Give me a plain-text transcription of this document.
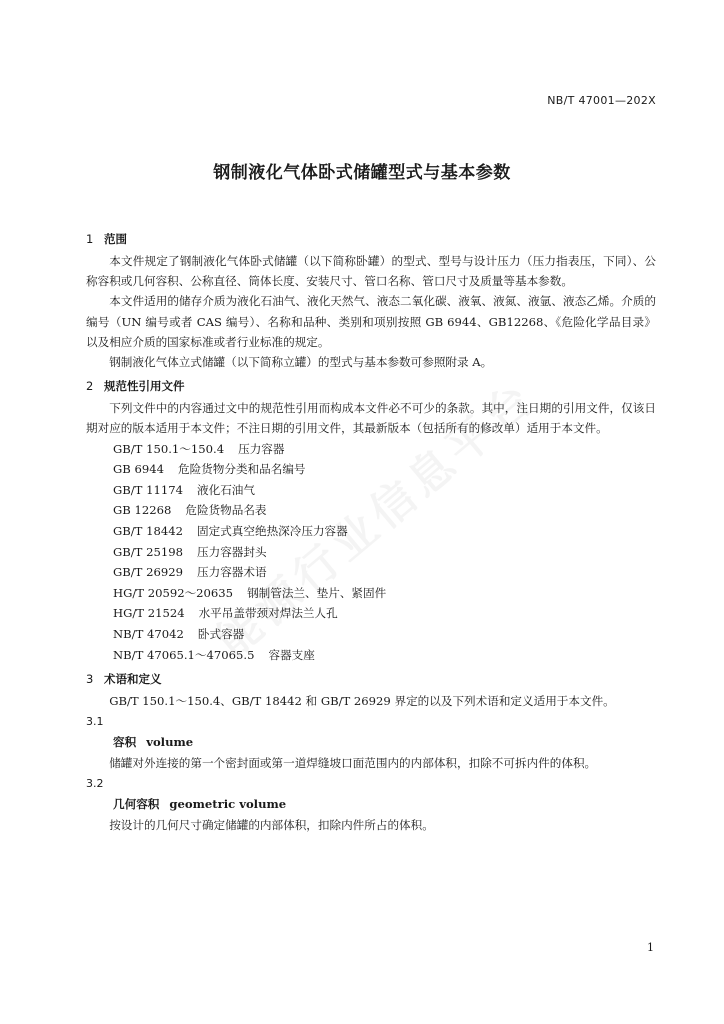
NB/T 47001—202X
钢制液化气体卧式储罐型式与基本参数

1 范围

本文件规定了钢制液化气体卧式储罐（以下简称卧罐）的型式、型号与设计压力（压力指表压，下同）、公称容积或几何容积、公称直径、筒体长度、安装尺寸、管口名称、管口尺寸及质量等基本参数。

本文件适用的储存介质为液化石油气、液化天然气、液态二氧化碳、液氧、液氮、液氩、液态乙烯。介质的编号（UN 编号或者 CAS 编号）、名称和品种、类别和项别按照 GB 6944、GB12268、《危险化学品目录》以及相应介质的国家标准或者行业标准的规定。

钢制液化气体立式储罐（以下简称立罐）的型式与基本参数可参照附录 A。

2 规范性引用文件

下列文件中的内容通过文中的规范性引用而构成本文件必不可少的条款。其中，注日期的引用文件，仅该日期对应的版本适用于本文件；不注日期的引用文件，其最新版本（包括所有的修改单）适用于本文件。

GB/T 150.1～150.4 压力容器

GB 6944 危险货物分类和品名编号

GB/T 11174 液化石油气

GB 12268 危险货物品名表

GB/T 18442 固定式真空绝热深冷压力容器

GB/T 25198 压力容器封头

GB/T 26929 压力容器术语

HG/T 20592～20635 钢制管法兰、垫片、紧固件

HG/T 21524 水平吊盖带颈对焊法兰人孔

NB/T 47042 卧式容器

NB/T 47065.1～47065.5 容器支座

3 术语和定义

GB/T 150.1～150.4、GB/T 18442 和 GB/T 26929 界定的以及下列术语和定义适用于本文件。

3.1

容积 volume

储罐对外连接的第一个密封面或第一道焊缝坡口面范围内的内部体积，扣除不可拆内件的体积。

3.2

几何容积 geometric volume

按设计的几何尺寸确定储罐的内部体积，扣除内件所占的体积。

1
